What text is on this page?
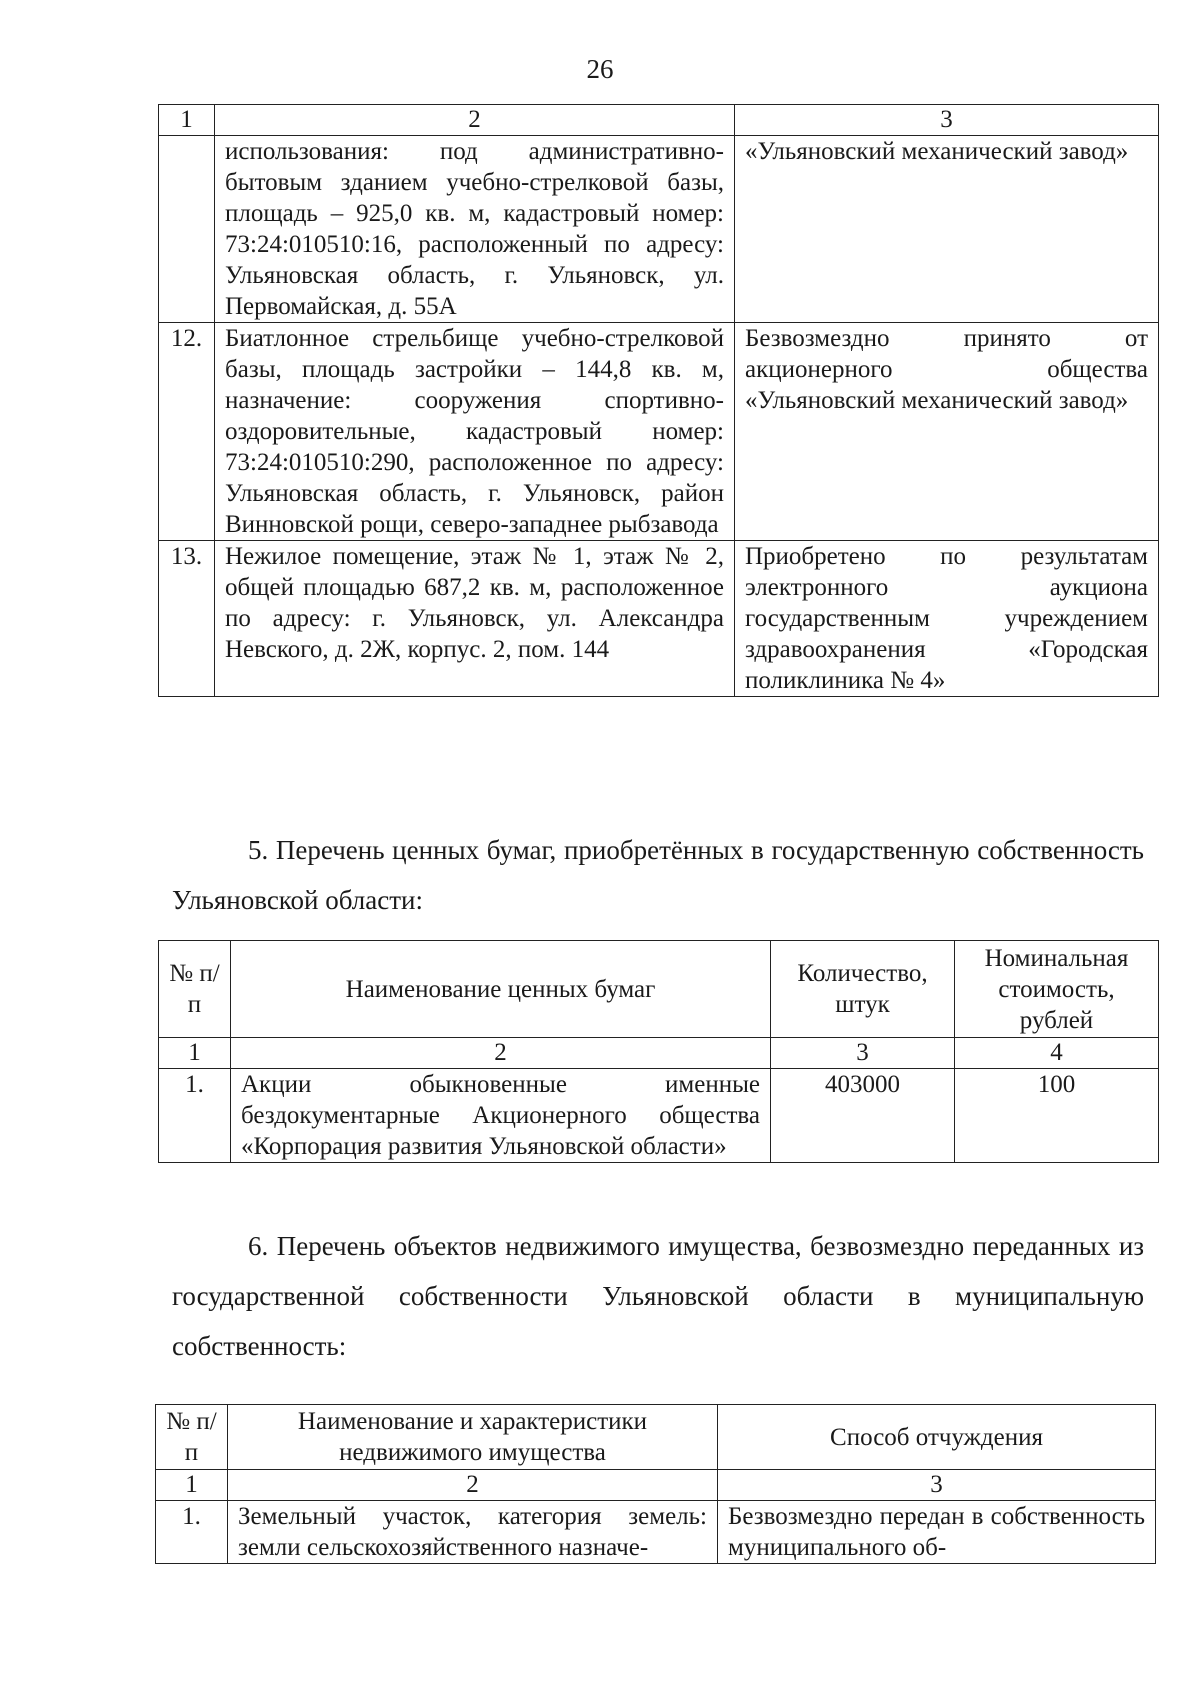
26
1	2	3
	использования: под административно-бытовым зданием учебно-стрелковой базы, площадь – 925,0 кв. м, кадастровый номер: 73:24:010510:16, расположенный по адресу: Ульяновская область, г. Ульяновск, ул. Первомайская, д. 55А	«Ульяновский механический завод»
12.	Биатлонное стрельбище учебно-стрелковой базы, площадь застройки – 144,8 кв. м, назначение: сооружения спортивно-оздоровительные, кадастровый номер: 73:24:010510:290, расположенное по адресу: Ульяновская область, г. Ульяновск, район Винновской рощи, северо-западнее рыбзавода	Безвозмездно принято от акционерного общества «Ульяновский механический завод»
13.	Нежилое помещение, этаж № 1, этаж № 2, общей площадью 687,2 кв. м, расположенное по адресу: г. Ульяновск, ул. Александра Невского, д. 2Ж, корпус. 2, пом. 144	Приобретено по результатам электронного аукциона государственным учреждением здравоохранения «Городская поликлиника № 4»

5. Перечень ценных бумаг, приобретённых в государственную собственность Ульяновской области:

№ п/п	Наименование ценных бумаг	Количество, штук	Номинальная стоимость, рублей
1	2	3	4
1.	Акции обыкновенные именные бездокументарные Акционерного общества «Корпорация развития Ульяновской области»	403000	100

6. Перечень объектов недвижимого имущества, безвозмездно переданных из государственной собственности Ульяновской области в муниципальную собственность:

№ п/п	Наименование и характеристики недвижимого имущества	Способ отчуждения
1	2	3
1.	Земельный участок, категория земель: земли сельскохозяйственного назначе-	Безвозмездно передан в собственность муниципального об-
